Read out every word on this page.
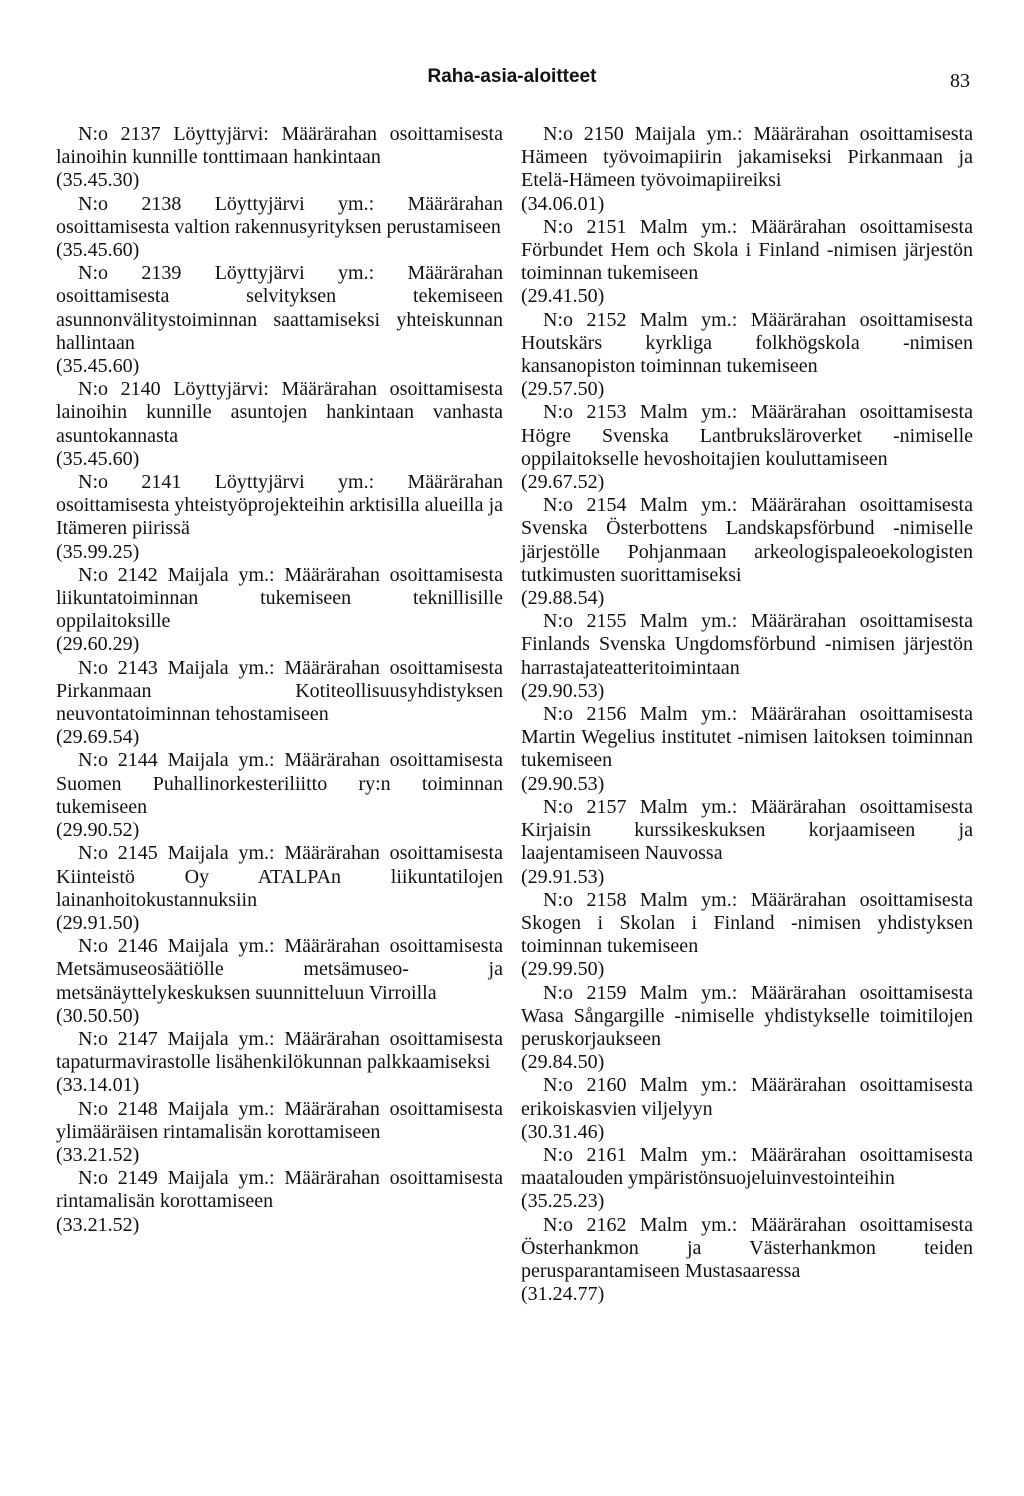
Raha-asia-aloitteet	83

N:o 2137 Löyttyjärvi: Määrärahan osoittamisesta lainoihin kunnille tonttimaan hankintaan
(35.45.30)

N:o 2138 Löyttyjärvi ym.: Määrärahan osoittamisesta valtion rakennusyrityksen perustamiseen
(35.45.60)

N:o 2139 Löyttyjärvi ym.: Määrärahan osoittamisesta selvityksen tekemiseen asunnonvälitystoiminnan saattamiseksi yhteiskunnan hallintaan
(35.45.60)

N:o 2140 Löyttyjärvi: Määrärahan osoittamisesta lainoihin kunnille asuntojen hankintaan vanhasta asuntokannasta
(35.45.60)

N:o 2141 Löyttyjärvi ym.: Määrärahan osoittamisesta yhteistyöprojekteihin arktisilla alueilla ja Itämeren piirissä
(35.99.25)

N:o 2142 Maijala ym.: Määrärahan osoittamisesta liikuntatoiminnan tukemiseen teknillisille oppilaitoksille
(29.60.29)

N:o 2143 Maijala ym.: Määrärahan osoittamisesta Pirkanmaan Kotiteollisuusyhdistyksen neuvontatoiminnan tehostamiseen
(29.69.54)

N:o 2144 Maijala ym.: Määrärahan osoittamisesta Suomen Puhallinorkesteriliitto ry:n toiminnan tukemiseen
(29.90.52)

N:o 2145 Maijala ym.: Määrärahan osoittamisesta Kiinteistö Oy ATALPAn liikuntatilojen lainanhoitokustannuksiin
(29.91.50)

N:o 2146 Maijala ym.: Määrärahan osoittamisesta Metsämuseosäätiölle metsämuseo- ja metsänäyttelykeskuksen suunnitteluun Virroilla
(30.50.50)

N:o 2147 Maijala ym.: Määrärahan osoittamisesta tapaturmavirastolle lisähenkilökunnan palkkaamiseksi
(33.14.01)

N:o 2148 Maijala ym.: Määrärahan osoittamisesta ylimääräisen rintamalisän korottamiseen
(33.21.52)

N:o 2149 Maijala ym.: Määrärahan osoittamisesta rintamalisän korottamiseen
(33.21.52)

N:o 2150 Maijala ym.: Määrärahan osoittamisesta Hämeen työvoimapiirin jakamiseksi Pirkanmaan ja Etelä-Hämeen työvoimapiireiksi
(34.06.01)

N:o 2151 Malm ym.: Määrärahan osoittamisesta Förbundet Hem och Skola i Finland -nimisen järjestön toiminnan tukemiseen
(29.41.50)

N:o 2152 Malm ym.: Määrärahan osoittamisesta Houtskärs kyrkliga folkhögskola -nimisen kansanopiston toiminnan tukemiseen
(29.57.50)

N:o 2153 Malm ym.: Määrärahan osoittamisesta Högre Svenska Lantbruksläroverket -nimiselle oppilaitokselle hevoshoitajien kouluttamiseen
(29.67.52)

N:o 2154 Malm ym.: Määrärahan osoittamisesta Svenska Österbottens Landskapsförbund -nimiselle järjestölle Pohjanmaan arkeologispaleoekologisten tutkimusten suorittamiseksi
(29.88.54)

N:o 2155 Malm ym.: Määrärahan osoittamisesta Finlands Svenska Ungdomsförbund -nimisen järjestön harrastajateatteritoimintaan
(29.90.53)

N:o 2156 Malm ym.: Määrärahan osoittamisesta Martin Wegelius institutet -nimisen laitoksen toiminnan tukemiseen
(29.90.53)

N:o 2157 Malm ym.: Määrärahan osoittamisesta Kirjaisin kurssikeskuksen korjaamiseen ja laajentamiseen Nauvossa
(29.91.53)

N:o 2158 Malm ym.: Määrärahan osoittamisesta Skogen i Skolan i Finland -nimisen yhdistyksen toiminnan tukemiseen
(29.99.50)

N:o 2159 Malm ym.: Määrärahan osoittamisesta Wasa Sångargille -nimiselle yhdistykselle toimitilojen peruskorjaukseen
(29.84.50)

N:o 2160 Malm ym.: Määrärahan osoittamisesta erikoiskasvien viljelyyn
(30.31.46)

N:o 2161 Malm ym.: Määrärahan osoittamisesta maatalouden ympäristönsuojeluinvestointeihin
(35.25.23)

N:o 2162 Malm ym.: Määrärahan osoittamisesta Österhankmon ja Västerhankmon teiden perusparantamiseen Mustasaaressa
(31.24.77)
